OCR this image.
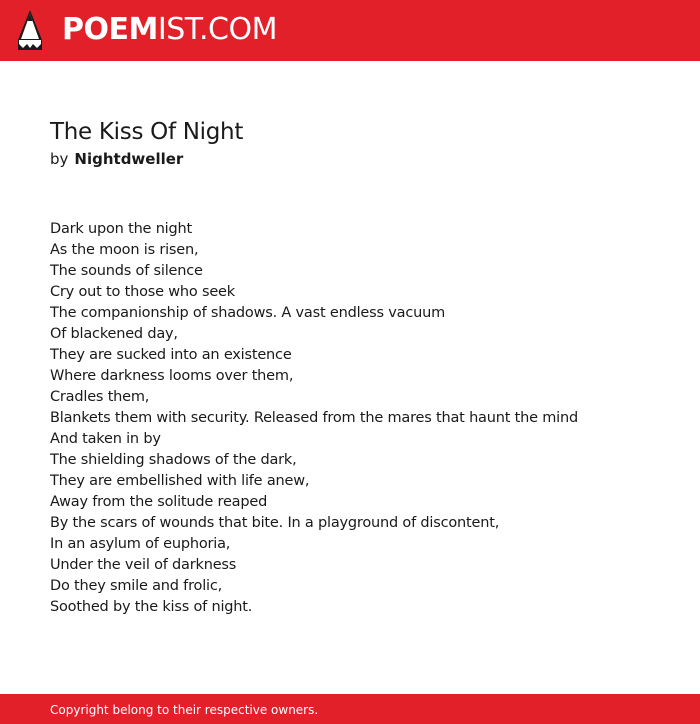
POEMIST.COM
The Kiss Of Night
by Nightdweller
Dark upon the night
As the moon is risen,
The sounds of silence
Cry out to those who seek
The companionship of shadows. A vast endless vacuum
Of blackened day,
They are sucked into an existence
Where darkness looms over them,
Cradles them,
Blankets them with security. Released from the mares that haunt the mind
And taken in by
The shielding shadows of the dark,
They are embellished with life anew,
Away from the solitude reaped
By the scars of wounds that bite. In a playground of discontent,
In an asylum of euphoria,
Under the veil of darkness
Do they smile and frolic,
Soothed by the kiss of night.
Copyright belong to their respective owners.
